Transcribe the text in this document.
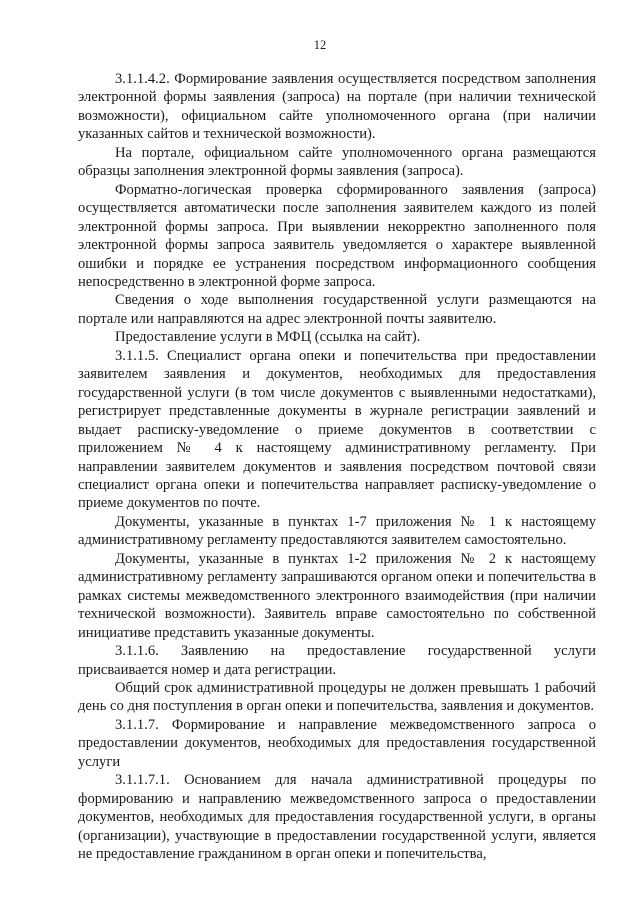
12

3.1.1.4.2. Формирование заявления осуществляется посредством заполнения электронной формы заявления (запроса) на портале (при наличии технической возможности), официальном сайте уполномоченного органа (при наличии указанных сайтов и технической возможности).

На портале, официальном сайте уполномоченного органа размещаются образцы заполнения электронной формы заявления (запроса).

Форматно-логическая проверка сформированного заявления (запроса) осуществляется автоматически после заполнения заявителем каждого из полей электронной формы запроса. При выявлении некорректно заполненного поля электронной формы запроса заявитель уведомляется о характере выявленной ошибки и порядке ее устранения посредством информационного сообщения непосредственно в электронной форме запроса.

Сведения о ходе выполнения государственной услуги размещаются на портале или направляются на адрес электронной почты заявителю.

Предоставление услуги в МФЦ (ссылка на сайт).

3.1.1.5. Специалист органа опеки и попечительства при предоставлении заявителем заявления и документов, необходимых для предоставления государственной услуги (в том числе документов с выявленными недостатками), регистрирует представленные документы в журнале регистрации заявлений и выдает расписку-уведомление о приеме документов в соответствии с приложением № 4 к настоящему административному регламенту. При направлении заявителем документов и заявления посредством почтовой связи специалист органа опеки и попечительства направляет расписку-уведомление о приеме документов по почте.

Документы, указанные в пунктах 1-7 приложения № 1 к настоящему административному регламенту предоставляются заявителем самостоятельно.

Документы, указанные в пунктах 1-2 приложения № 2 к настоящему административному регламенту запрашиваются органом опеки и попечительства в рамках системы межведомственного электронного взаимодействия (при наличии технической возможности). Заявитель вправе самостоятельно по собственной инициативе представить указанные документы.

3.1.1.6. Заявлению на предоставление государственной услуги присваивается номер и дата регистрации.

Общий срок административной процедуры не должен превышать 1 рабочий день со дня поступления в орган опеки и попечительства, заявления и документов.

3.1.1.7. Формирование и направление межведомственного запроса о предоставлении документов, необходимых для предоставления государственной услуги

3.1.1.7.1. Основанием для начала административной процедуры по формированию и направлению межведомственного запроса о предоставлении документов, необходимых для предоставления государственной услуги, в органы (организации), участвующие в предоставлении государственной услуги, является не предоставление гражданином в орган опеки и попечительства,
